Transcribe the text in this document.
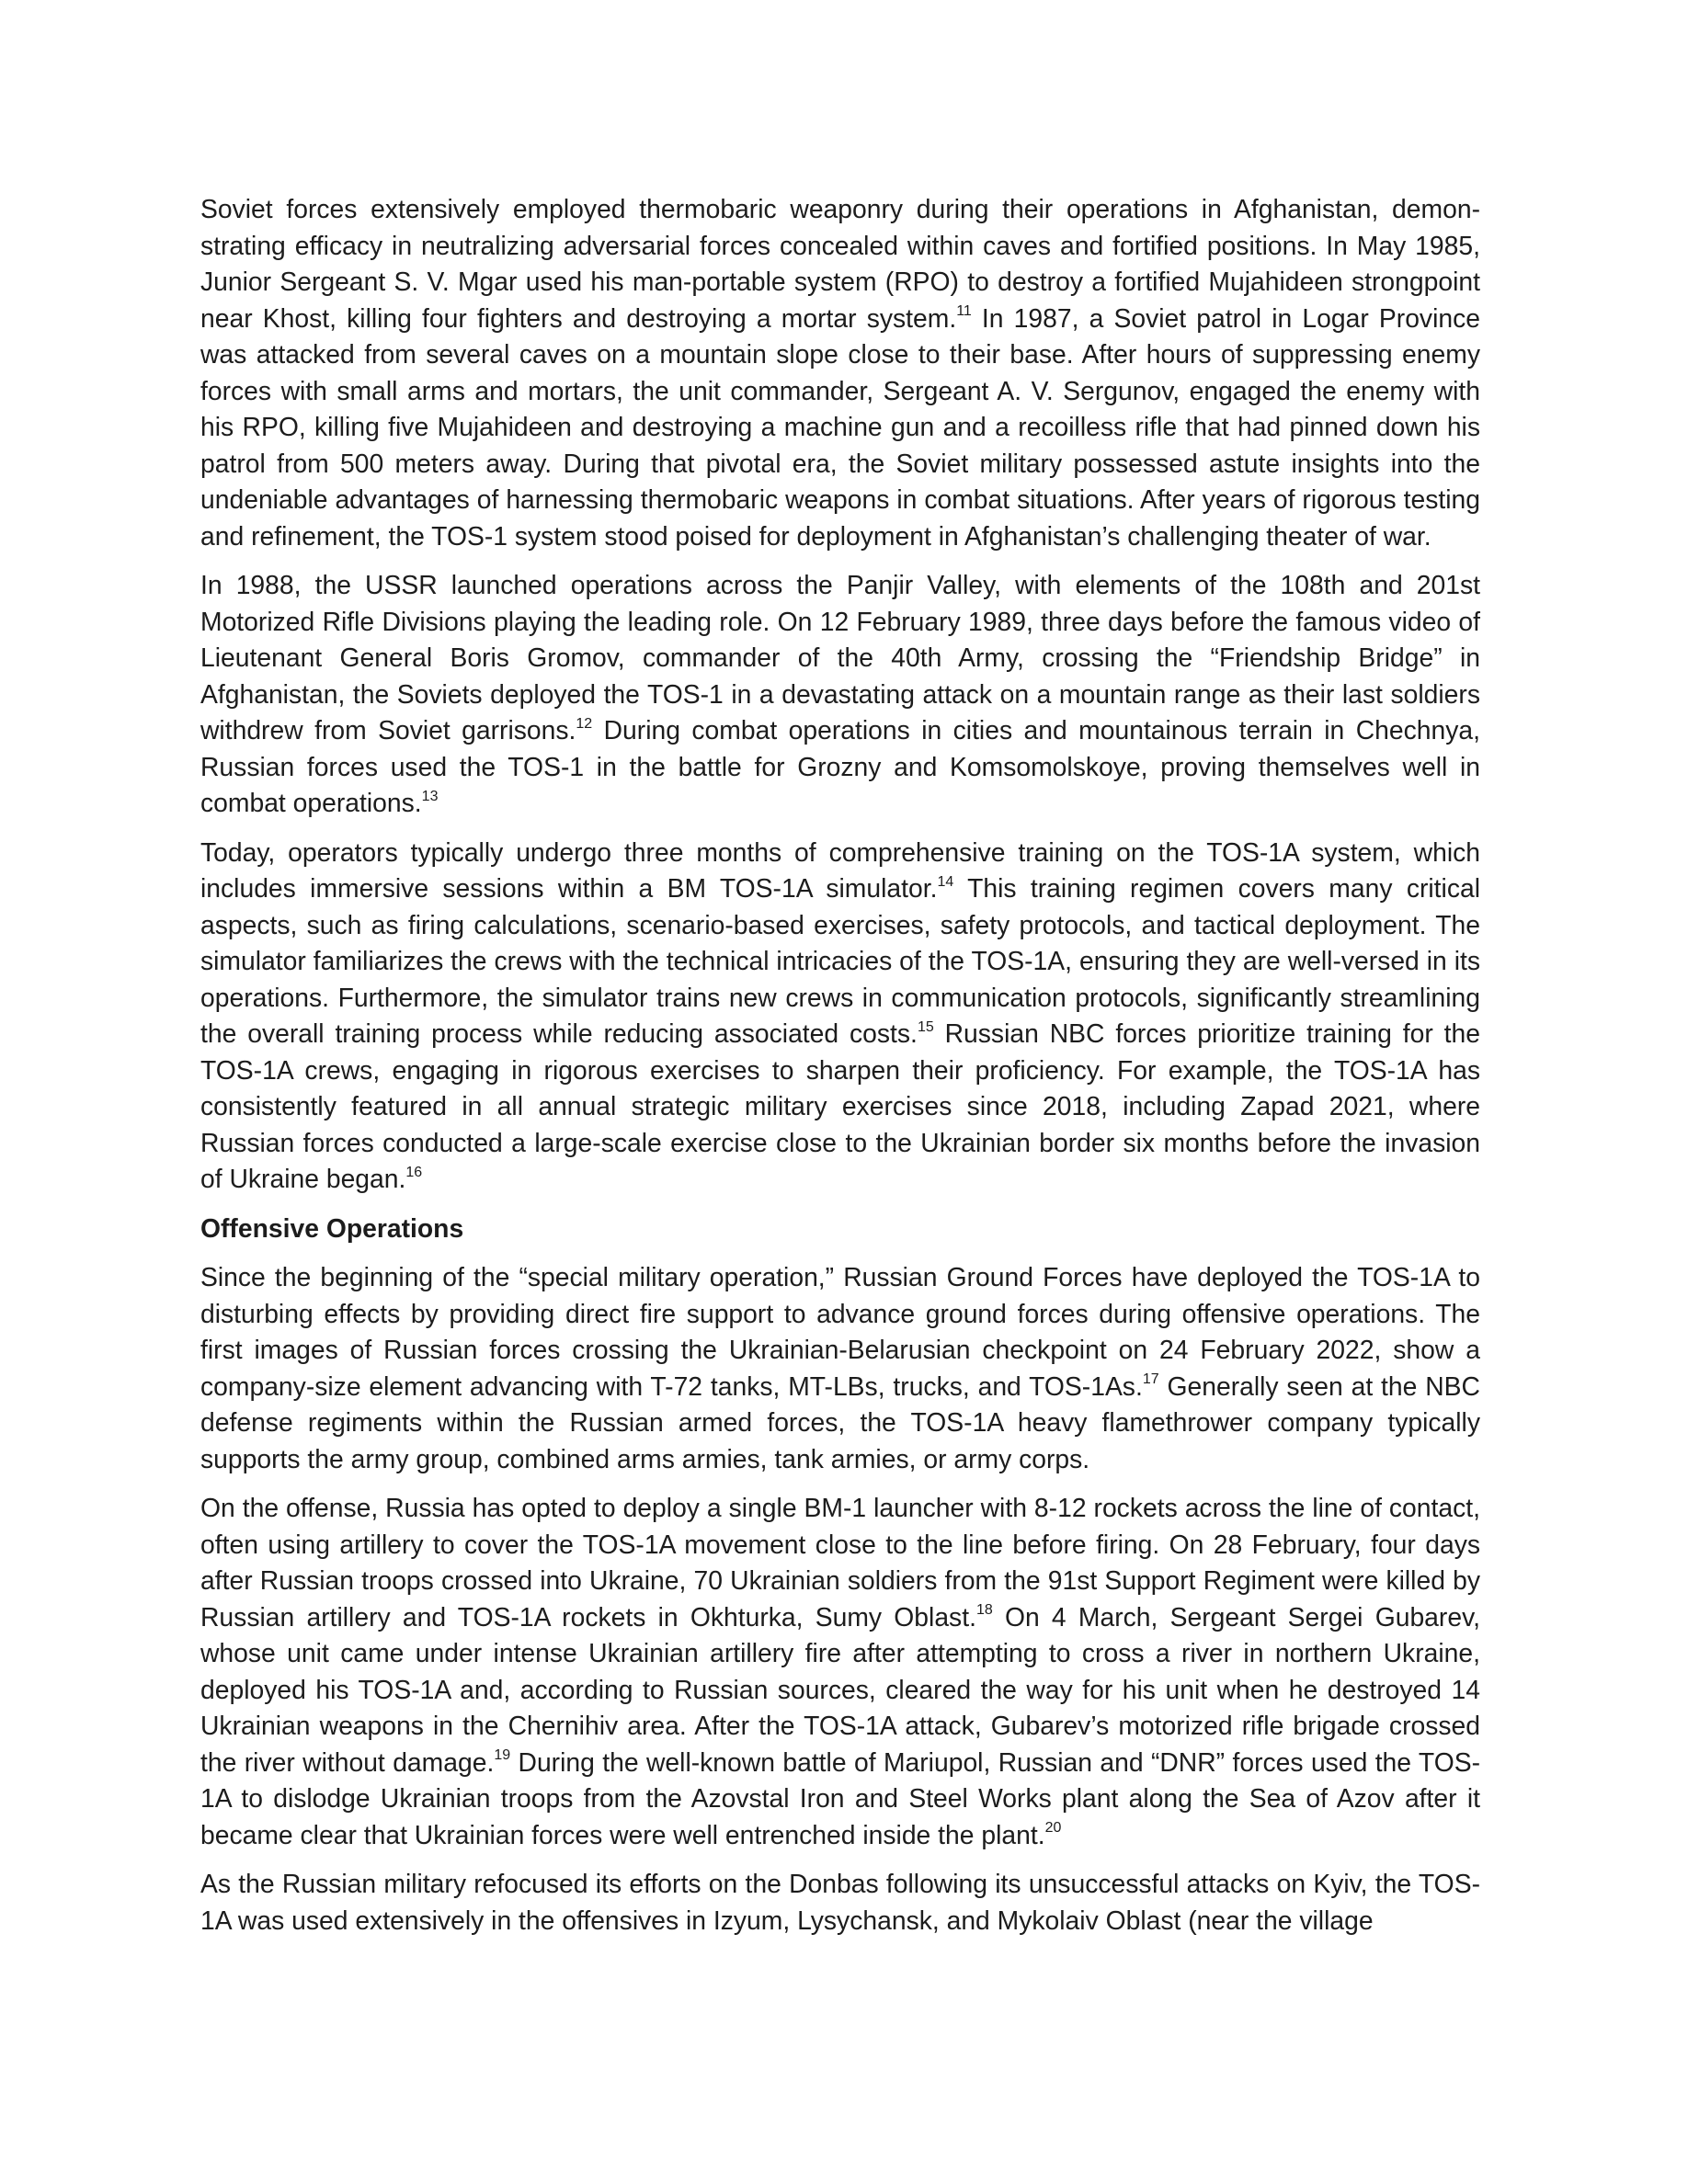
Soviet forces extensively employed thermobaric weaponry during their operations in Afghanistan, demonstrating efficacy in neutralizing adversarial forces concealed within caves and fortified positions. In May 1985, Junior Sergeant S. V. Mgar used his man-portable system (RPO) to destroy a fortified Mujahideen strongpoint near Khost, killing four fighters and destroying a mortar system.$^{11}$ In 1987, a Soviet patrol in Logar Province was attacked from several caves on a mountain slope close to their base. After hours of suppressing enemy forces with small arms and mortars, the unit commander, Sergeant A. V. Sergunov, engaged the enemy with his RPO, killing five Mujahideen and destroying a machine gun and a recoilless rifle that had pinned down his patrol from 500 meters away. During that pivotal era, the Soviet military possessed astute insights into the undeniable advantages of harnessing thermobaric weapons in combat situations. After years of rigorous testing and refinement, the TOS-1 system stood poised for deployment in Afghanistan’s challenging theater of war.

In 1988, the USSR launched operations across the Panjir Valley, with elements of the 108th and 201st Motorized Rifle Divisions playing the leading role. On 12 February 1989, three days before the famous video of Lieutenant General Boris Gromov, commander of the 40th Army, crossing the “Friendship Bridge” in Afghanistan, the Soviets deployed the TOS-1 in a devastating attack on a mountain range as their last soldiers withdrew from Soviet garrisons.$^{12}$ During combat operations in cities and mountainous terrain in Chechnya, Russian forces used the TOS-1 in the battle for Grozny and Komsomolskoye, proving themselves well in combat operations.$^{13}$

Today, operators typically undergo three months of comprehensive training on the TOS-1A system, which includes immersive sessions within a BM TOS-1A simulator.$^{14}$ This training regimen covers many critical aspects, such as firing calculations, scenario-based exercises, safety protocols, and tactical deployment. The simulator familiarizes the crews with the technical intricacies of the TOS-1A, ensuring they are well-versed in its operations. Furthermore, the simulator trains new crews in communication protocols, significantly streamlining the overall training process while reducing associated costs.$^{15}$ Russian NBC forces prioritize training for the TOS-1A crews, engaging in rigorous exercises to sharpen their proficiency. For example, the TOS-1A has consistently featured in all annual strategic military exercises since 2018, including Zapad 2021, where Russian forces conducted a large-scale exercise close to the Ukrainian border six months before the invasion of Ukraine began.$^{16}$

Offensive Operations

Since the beginning of the “special military operation,” Russian Ground Forces have deployed the TOS-1A to disturbing effects by providing direct fire support to advance ground forces during offensive operations. The first images of Russian forces crossing the Ukrainian-Belarusian checkpoint on 24 February 2022, show a company-size element advancing with T-72 tanks, MT-LBs, trucks, and TOS-1As.$^{17}$ Generally seen at the NBC defense regiments within the Russian armed forces, the TOS-1A heavy flamethrower company typically supports the army group, combined arms armies, tank armies, or army corps.

On the offense, Russia has opted to deploy a single BM-1 launcher with 8-12 rockets across the line of contact, often using artillery to cover the TOS-1A movement close to the line before firing. On 28 February, four days after Russian troops crossed into Ukraine, 70 Ukrainian soldiers from the 91st Support Regiment were killed by Russian artillery and TOS-1A rockets in Okhturka, Sumy Oblast.$^{18}$ On 4 March, Sergeant Sergei Gubarev, whose unit came under intense Ukrainian artillery fire after attempting to cross a river in northern Ukraine, deployed his TOS-1A and, according to Russian sources, cleared the way for his unit when he destroyed 14 Ukrainian weapons in the Chernihiv area. After the TOS-1A attack, Gubarev’s motorized rifle brigade crossed the river without damage.$^{19}$ During the well-known battle of Mariupol, Russian and “DNR” forces used the TOS-1A to dislodge Ukrainian troops from the Azovstal Iron and Steel Works plant along the Sea of Azov after it became clear that Ukrainian forces were well entrenched inside the plant.$^{20}$

As the Russian military refocused its efforts on the Donbas following its unsuccessful attacks on Kyiv, the TOS-1A was used extensively in the offensives in Izyum, Lysychansk, and Mykolaiv Oblast (near the village
